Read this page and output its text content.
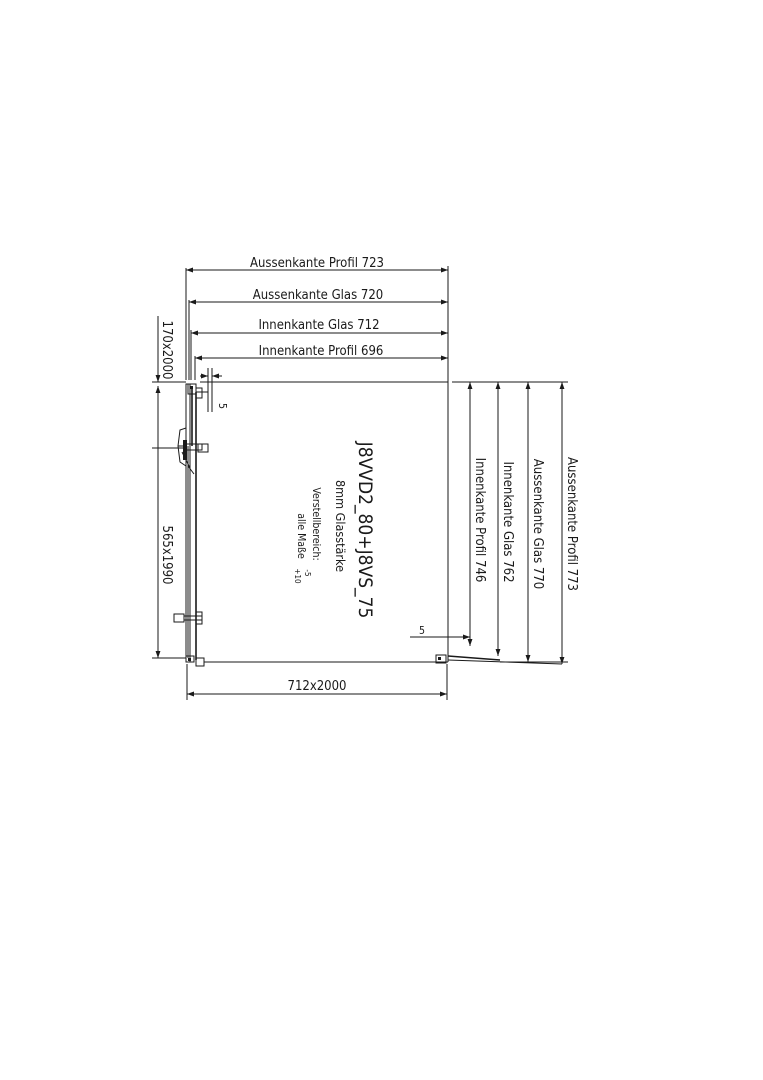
Aussenkante Profil 723
Aussenkante Glas 720
Innenkante Glas 712
Innenkante Profil 696
170x2000
565x1990
5
712x2000
Innenkante Profil 746 Innenkante Glas 762 Aussenkante Glas 770 Aussenkante Profil 773
5
J8VVD2_80+J8VS_75
8mm Glasstärke
Verstellbereich:
alle Maße
-5
+10
